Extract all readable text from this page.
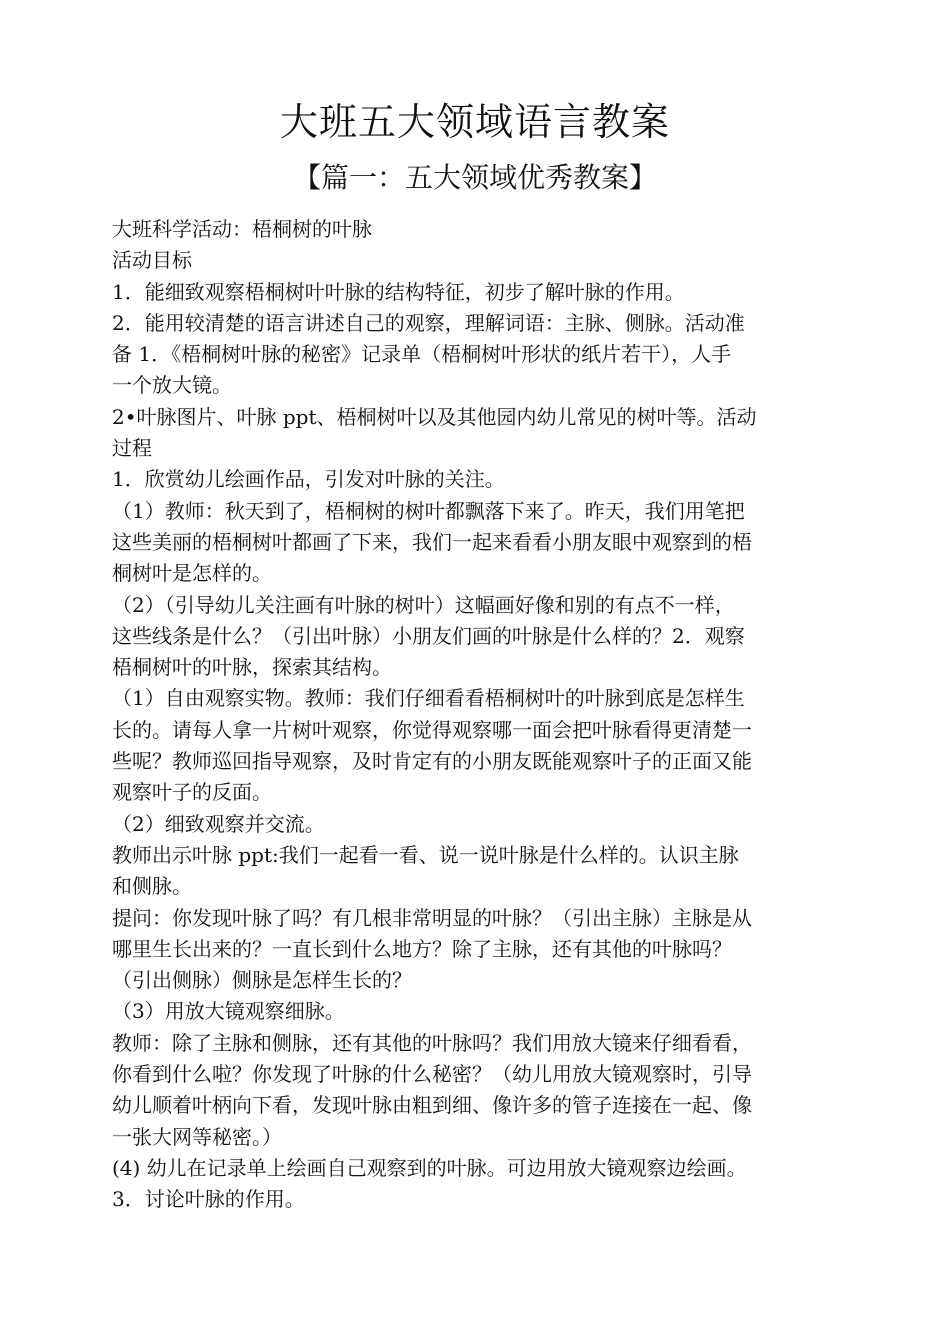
大班五大领域语言教案
【篇一：五大领域优秀教案】
大班科学活动：梧桐树的叶脉
活动目标
1．能细致观察梧桐树叶叶脉的结构特征，初步了解叶脉的作用。
2．能用较清楚的语言讲述自己的观察，理解词语：主脉、侧脉。活动准
备 1．《梧桐树叶脉的秘密》记录单（梧桐树叶形状的纸片若干），人手
一个放大镜。
2•叶脉图片、叶脉 ppt、梧桐树叶以及其他园内幼儿常见的树叶等。活动
过程
1．欣赏幼儿绘画作品，引发对叶脉的关注。
（1）教师：秋天到了，梧桐树的树叶都飘落下来了。昨天，我们用笔把
这些美丽的梧桐树叶都画了下来，我们一起来看看小朋友眼中观察到的梧
桐树叶是怎样的。
（2）（引导幼儿关注画有叶脉的树叶）这幅画好像和别的有点不一样，
这些线条是什么？（引出叶脉）小朋友们画的叶脉是什么样的？2．观察
梧桐树叶的叶脉，探索其结构。
（1）自由观察实物。教师：我们仔细看看梧桐树叶的叶脉到底是怎样生
长的。请每人拿一片树叶观察，你觉得观察哪一面会把叶脉看得更清楚一
些呢？教师巡回指导观察，及时肯定有的小朋友既能观察叶子的正面又能
观察叶子的反面。
（2）细致观察并交流。
教师出示叶脉 ppt:我们一起看一看、说一说叶脉是什么样的。认识主脉
和侧脉。
提问：你发现叶脉了吗？有几根非常明显的叶脉？（引出主脉）主脉是从
哪里生长出来的？一直长到什么地方？除了主脉，还有其他的叶脉吗？
（引出侧脉）侧脉是怎样生长的？
（3）用放大镜观察细脉。
教师：除了主脉和侧脉，还有其他的叶脉吗？我们用放大镜来仔细看看，
你看到什么啦？你发现了叶脉的什么秘密？（幼儿用放大镜观察时，引导
幼儿顺着叶柄向下看，发现叶脉由粗到细、像许多的管子连接在一起、像
一张大网等秘密。）
(4) 幼儿在记录单上绘画自己观察到的叶脉。可边用放大镜观察边绘画。
3．讨论叶脉的作用。
